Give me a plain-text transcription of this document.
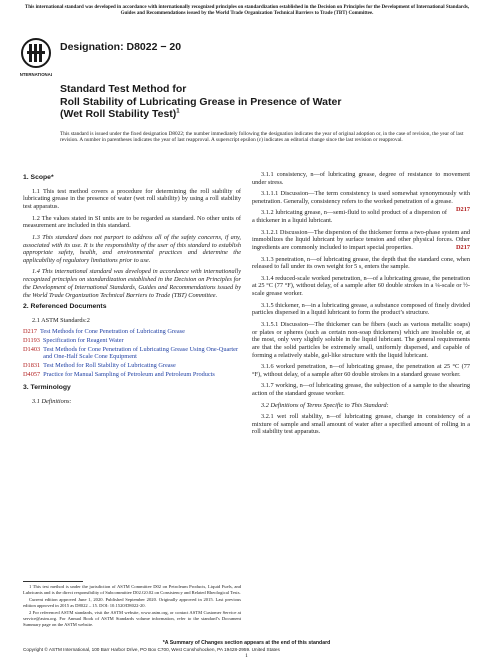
This international standard was developed in accordance with internationally recognized principles on standardization established in the Decision on Principles for the Development of International Standards, Guides and Recommendations issued by the World Trade Organization Technical Barriers to Trade (TBT) Committee.
INTERNATIONAL
Designation: D8022 − 20
Standard Test Method for
Roll Stability of Lubricating Grease in Presence of Water
(Wet Roll Stability Test)$^1$
This standard is issued under the fixed designation D8022; the number immediately following the designation indicates the year of original adoption or, in the case of revision, the year of last revision. A number in parentheses indicates the year of last reapproval. A superscript epsilon (ε) indicates an editorial change since the last revision or reapproval.
1. Scope*

1.1 This test method covers a procedure for determining the roll stability of lubricating grease in the presence of water (wet roll stability) by using a roll stability test apparatus.

1.2 The values stated in SI units are to be regarded as standard. No other units of measurement are included in this standard.

1.3 This standard does not purport to address all of the safety concerns, if any, associated with its use. It is the responsibility of the user of this standard to establish appropriate safety, health, and environmental practices and determine the applicability of regulatory limitations prior to use.

1.4 This international standard was developed in accordance with internationally recognized principles on standardization established in the Decision on Principles for the Development of International Standards, Guides and Recommendations issued by the World Trade Organization Technical Barriers to Trade (TBT) Committee.

2. Referenced Documents

2.1 ASTM Standards:2

D217 Test Methods for Cone Penetration of Lubricating Grease
D1193 Specification for Reagent Water
D1403 Test Methods for Cone Penetration of Lubricating Grease Using One-Quarter and One-Half Scale Cone Equipment
D1831 Test Method for Roll Stability of Lubricating Grease
D4057 Practice for Manual Sampling of Petroleum and Petroleum Products
3. Terminology

3.1 Definitions:

3.1.1 consistency, n—of lubricating grease, degree of resistance to movement under stress.

3.1.1.1 Discussion—The term consistency is used somewhat synonymously with penetration. Generally, consistency refers to the worked penetration of a grease.
D217

3.1.2 lubricating grease, n—semi-fluid to solid product of a dispersion of a thickener in a liquid lubricant.

3.1.2.1 Discussion—The dispersion of the thickener forms a two-phase system and immobilizes the liquid lubricant by surface tension and other physical forces. Other ingredients are commonly included to impart special properties.	D217

3.1.3 penetration, n—of lubricating grease, the depth that the standard cone, when released to fall under its own weight for 5 s, enters the sample.

3.1.4 reduced-scale worked penetration, n—of a lubricating grease, the penetration at 25 °C (77 °F), without delay, of a sample after 60 double strokes in a ¼-scale or ½-scale grease worker.

3.1.5 thickener, n—in a lubricating grease, a substance composed of finely divided particles dispersed in a liquid lubricant to form the product’s structure.

3.1.5.1 Discussion—The thickener can be fibers (such as various metallic soaps) or plates or spheres (such as certain non-soap thickeners) which are insoluble or, at the most, only very slightly soluble in the liquid lubricant. The general requirements are that the solid particles be extremely small, uniformly dispersed, and capable of forming a relatively stable, gel-like structure with the liquid lubricant.

3.1.6 worked penetration, n—of lubricating grease, the penetration at 25 °C (77 °F), without delay, of a sample after 60 double strokes in a standard grease worker.

3.1.7 working, n—of lubricating grease, the subjection of a sample to the shearing action of the standard grease worker.

3.2 Definitions of Terms Specific to This Standard:

3.2.1 wet roll stability, n—of lubricating grease, change in consistency of a mixture of sample and small amount of water after a specified amount of rolling in a roll stability test apparatus.

1 This test method is under the jurisdiction of ASTM Committee D02 on Petroleum Products, Liquid Fuels, and Lubricants and is the direct responsibility of Subcommittee D02.G0.02 on Consistency and Related Rheological Tests.

Current edition approved June 1, 2020. Published September 2020. Originally approved in 2015. Last previous edition approved in 2015 as D8022 – 15. DOI: 10.1520/D8022-20.

2 For referenced ASTM standards, visit the ASTM website, www.astm.org, or contact ASTM Customer Service at service@astm.org. For Annual Book of ASTM Standards volume information, refer to the standard’s Document Summary page on the ASTM website.

*A Summary of Changes section appears at the end of this standard
Copyright © ASTM International, 100 Barr Harbor Drive, PO Box C700, West Conshohocken, PA 19428-2959. United States
1
